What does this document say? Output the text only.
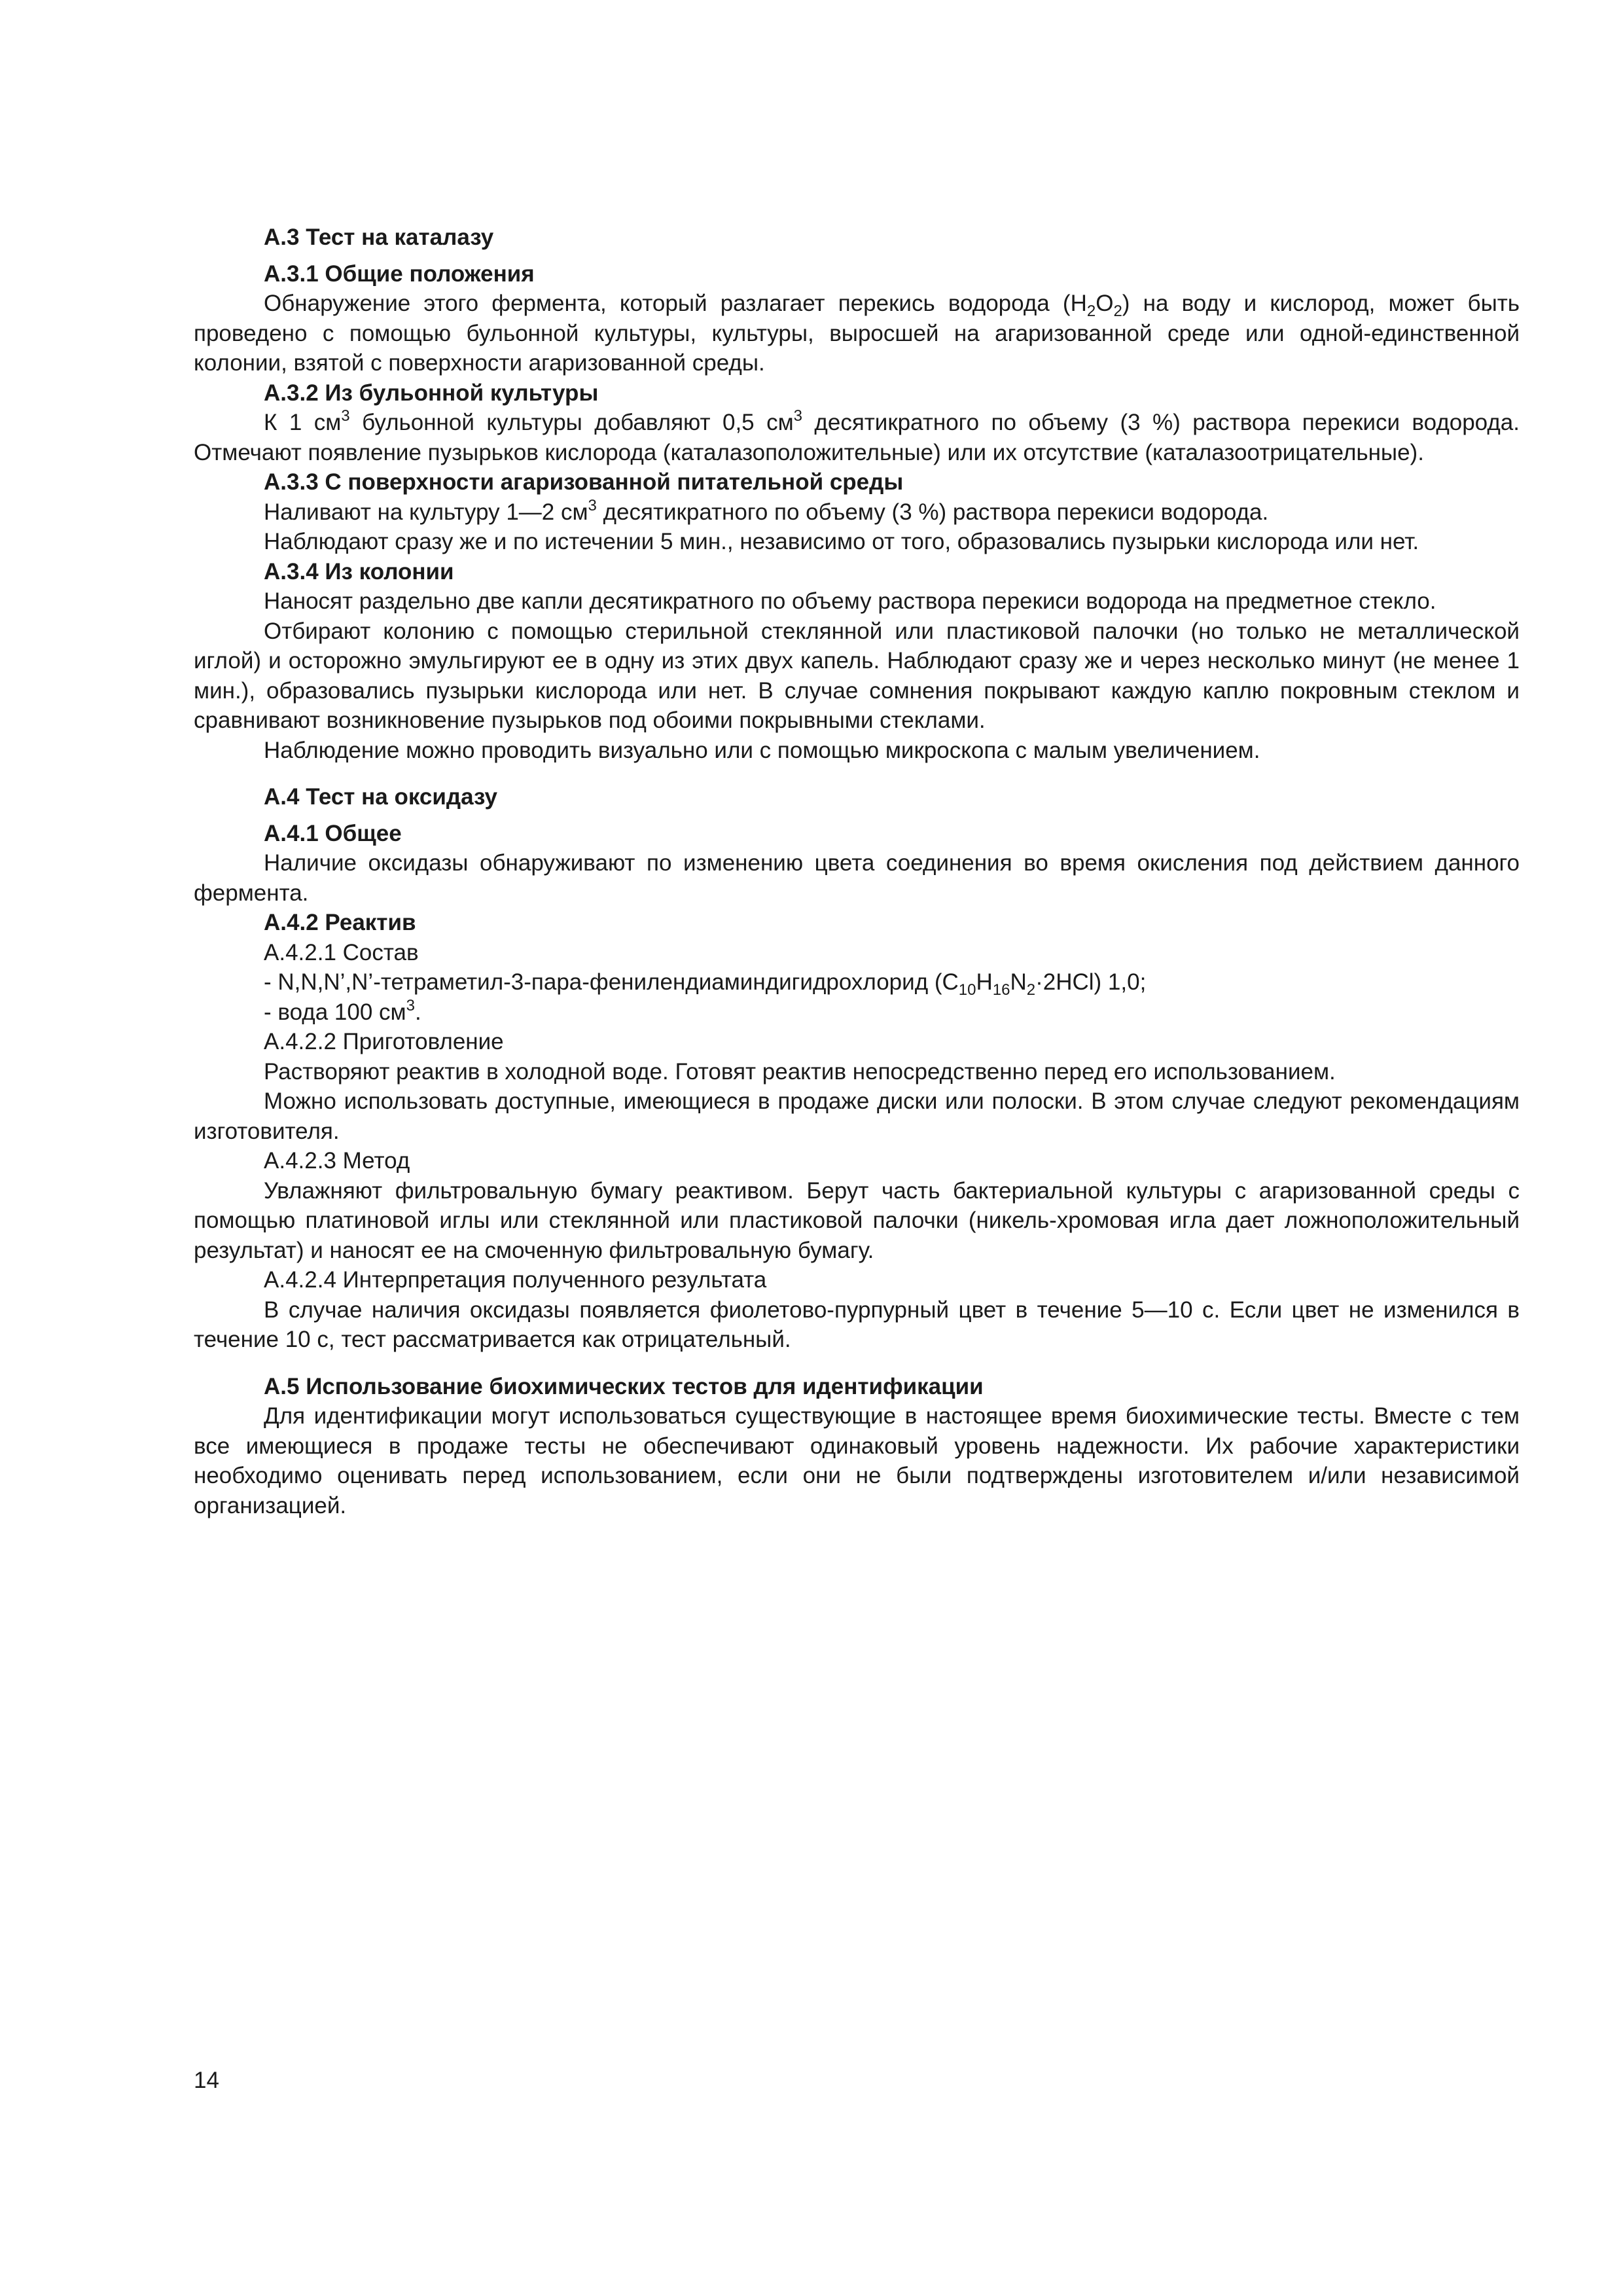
А.3 Тест на каталазу
А.3.1 Общие положения

Обнаружение этого фермента, который разлагает перекись водорода $(H_2O_2)$ на воду и кислород, может быть проведено с помощью бульонной культуры, культуры, выросшей на агаризованной среде или одной-единственной колонии, взятой с поверхности агаризованной среды.

А.3.2 Из бульонной культуры

К 1 $см^3$ бульонной культуры добавляют 0,5 $см^3$ десятикратного по объему (3 %) раствора перекиси водорода. Отмечают появление пузырьков кислорода (каталазоположительные) или их отсутствие (каталазоотрицательные).

А.3.3 С поверхности агаризованной питательной среды

Наливают на культуру 1—2 $см^3$ десятикратного по объему (3 %) раствора перекиси водорода.

Наблюдают сразу же и по истечении 5 мин., независимо от того, образовались пузырьки кислорода или нет.

А.3.4 Из колонии

Наносят раздельно две капли десятикратного по объему раствора перекиси водорода на предметное стекло.

Отбирают колонию с помощью стерильной стеклянной или пластиковой палочки (но только не металлической иглой) и осторожно эмульгируют ее в одну из этих двух капель. Наблюдают сразу же и через несколько минут (не менее 1 мин.), образовались пузырьки кислорода или нет. В случае сомнения покрывают каждую каплю покровным стеклом и сравнивают возникновение пузырьков под обоими покрывными стеклами.

Наблюдение можно проводить визуально или с помощью микроскопа с малым увеличением.

А.4 Тест на оксидазу
А.4.1 Общее

Наличие оксидазы обнаруживают по изменению цвета соединения во время окисления под действием данного фермента.

А.4.2 Реактив

А.4.2.1 Состав

- N,N,N’,N’-тетраметил-3-пара-фенилендиаминдигидрохлорид $(C_{10}H_{16}N_2\cdot 2HCl)$ 1,0;

- вода 100 $см^3$.

А.4.2.2 Приготовление

Растворяют реактив в холодной воде. Готовят реактив непосредственно перед его использованием.

Можно использовать доступные, имеющиеся в продаже диски или полоски. В этом случае следуют рекомендациям изготовителя.

А.4.2.3 Метод

Увлажняют фильтровальную бумагу реактивом. Берут часть бактериальной культуры с агаризованной среды с помощью платиновой иглы или стеклянной или пластиковой палочки (никель-хромовая игла дает ложноположительный результат) и наносят ее на смоченную фильтровальную бумагу.

А.4.2.4 Интерпретация полученного результата

В случае наличия оксидазы появляется фиолетово-пурпурный цвет в течение 5—10 с. Если цвет не изменился в течение 10 с, тест рассматривается как отрицательный.

А.5 Использование биохимических тестов для идентификации

Для идентификации могут использоваться существующие в настоящее время биохимические тесты. Вместе с тем все имеющиеся в продаже тесты не обеспечивают одинаковый уровень надежности. Их рабочие характеристики необходимо оценивать перед использованием, если они не были подтверждены изготовителем и/или независимой организацией.

14
